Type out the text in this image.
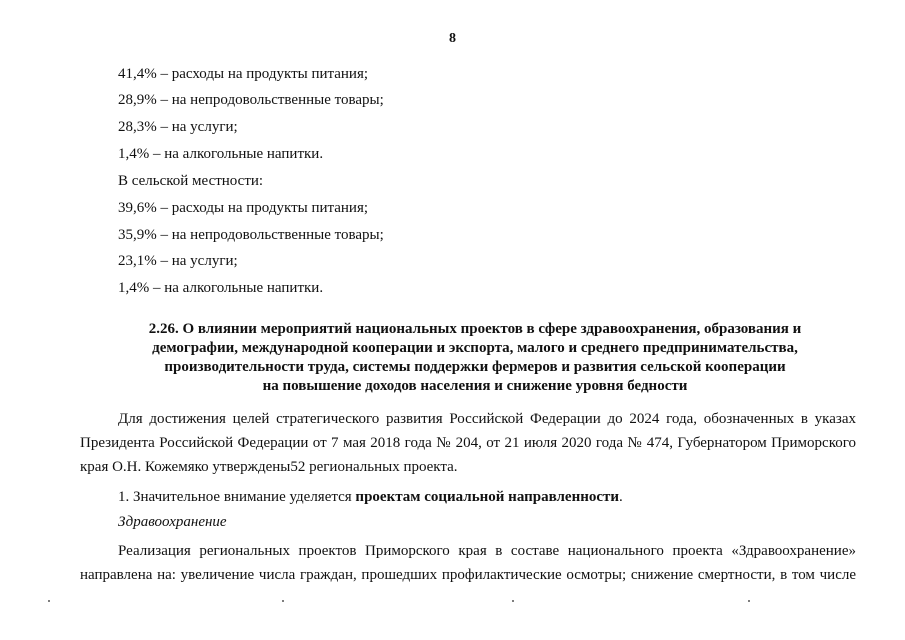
8
41,4% – расходы на продукты питания;
28,9% – на непродовольственные товары;
28,3% – на услуги;
1,4% – на алкогольные напитки.
В сельской местности:
39,6% – расходы на продукты питания;
35,9% – на непродовольственные товары;
23,1% – на услуги;
1,4% – на алкогольные напитки.
2.26. О влиянии мероприятий национальных проектов в сфере здравоохранения, образования и
демографии, международной кооперации и экспорта, малого и среднего предпринимательства,
производительности труда, системы поддержки фермеров и развития сельской кооперации
на повышение доходов населения и снижение уровня бедности
Для достижения целей стратегического развития Российской Федерации до 2024 года, обозначенных в указах
Президента Российской Федерации от 7 мая 2018 года № 204, от 21 июля 2020 года № 474, Губернатором Приморского
края О.Н. Кожемяко утверждены52 региональных проекта.
1. Значительное внимание уделяется проектам социальной направленности.
Здравоохранение
Реализация региональных проектов Приморского края в составе национального проекта «Здравоохранение»
направлена на: увеличение числа граждан, прошедших профилактические осмотры; снижение смертности, в том числе
